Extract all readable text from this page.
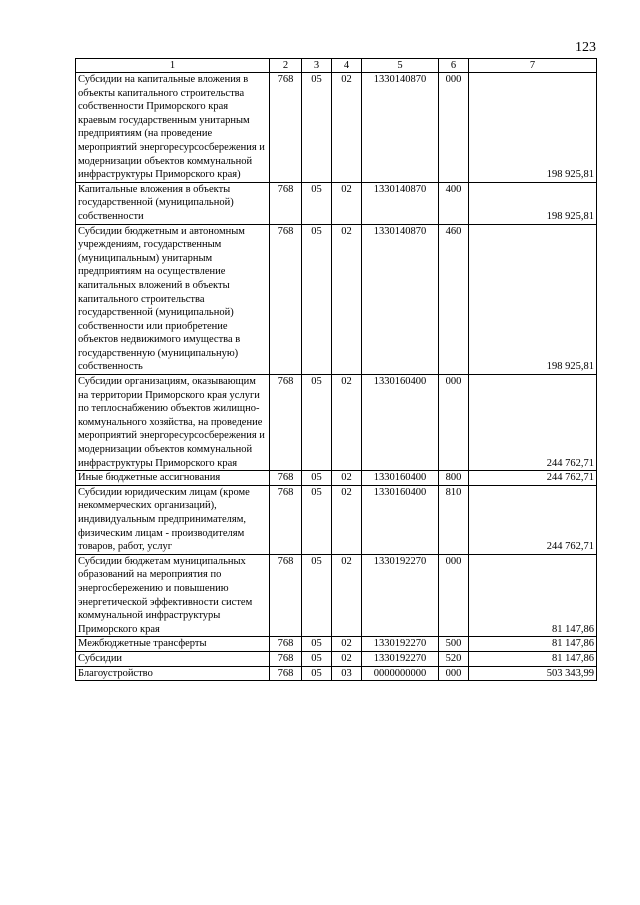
123
1	2	3	4	5	6	7
Субсидии на капитальные вложения в объекты капитального строительства собственности Приморского края краевым государственным унитарным предприятиям (на проведение мероприятий энергоресурсосбережения и модернизации объектов коммунальной инфраструктуры Приморского края)	768	05	02	1330140870	000	198 925,81
Капитальные вложения в объекты государственной (муниципальной) собственности	768	05	02	1330140870	400	198 925,81
Субсидии бюджетным и автономным учреждениям, государственным (муниципальным) унитарным предприятиям на осуществление капитальных вложений в объекты капитального строительства государственной (муниципальной) собственности или приобретение объектов недвижимого имущества в государственную (муниципальную) собственность	768	05	02	1330140870	460	198 925,81
Субсидии организациям, оказывающим на территории Приморского края услуги по теплоснабжению объектов жилищно-коммунального хозяйства, на проведение мероприятий энергоресурсосбережения и модернизации объектов коммунальной инфраструктуры Приморского края	768	05	02	1330160400	000	244 762,71
Иные бюджетные ассигнования	768	05	02	1330160400	800	244 762,71
Субсидии юридическим лицам (кроме некоммерческих организаций), индивидуальным предпринимателям, физическим лицам - производителям товаров, работ, услуг	768	05	02	1330160400	810	244 762,71
Субсидии бюджетам муниципальных образований на мероприятия по энергосбережению и повышению энергетической эффективности систем коммунальной инфраструктуры Приморского края	768	05	02	1330192270	000	81 147,86
Межбюджетные трансферты	768	05	02	1330192270	500	81 147,86
Субсидии	768	05	02	1330192270	520	81 147,86
Благоустройство	768	05	03	0000000000	000	503 343,99
